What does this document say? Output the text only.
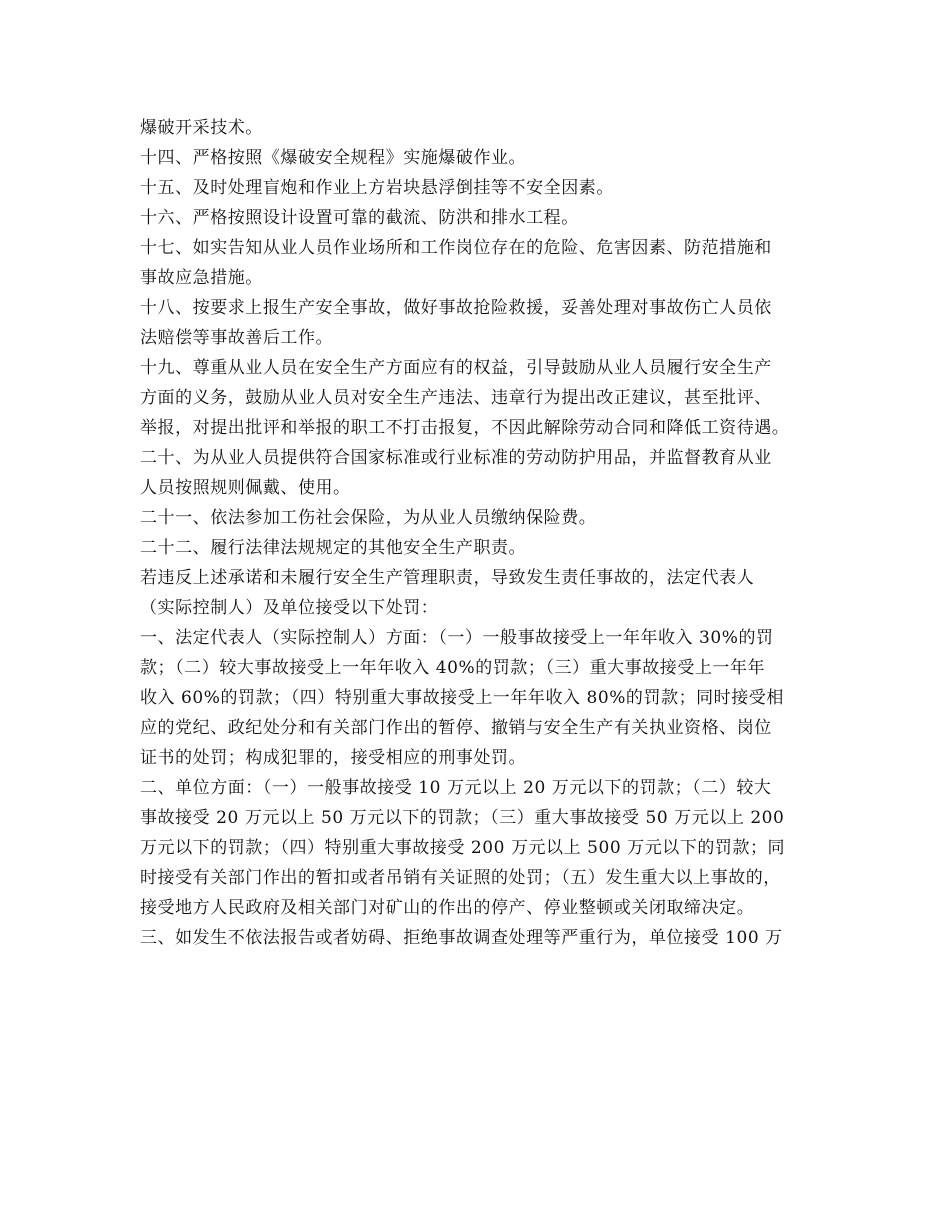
爆破开采技术。
十四、严格按照《爆破安全规程》实施爆破作业。
十五、及时处理盲炮和作业上方岩块悬浮倒挂等不安全因素。
十六、严格按照设计设置可靠的截流、防洪和排水工程。
十七、如实告知从业人员作业场所和工作岗位存在的危险、危害因素、防范措施和
事故应急措施。
十八、按要求上报生产安全事故，做好事故抢险救援，妥善处理对事故伤亡人员依
法赔偿等事故善后工作。
十九、尊重从业人员在安全生产方面应有的权益，引导鼓励从业人员履行安全生产
方面的义务，鼓励从业人员对安全生产违法、违章行为提出改正建议，甚至批评、
举报，对提出批评和举报的职工不打击报复，不因此解除劳动合同和降低工资待遇。
二十、为从业人员提供符合国家标准或行业标准的劳动防护用品，并监督教育从业
人员按照规则佩戴、使用。
二十一、依法参加工伤社会保险，为从业人员缴纳保险费。
二十二、履行法律法规规定的其他安全生产职责。
若违反上述承诺和未履行安全生产管理职责，导致发生责任事故的，法定代表人
（实际控制人）及单位接受以下处罚：
一、法定代表人（实际控制人）方面：（一）一般事故接受上一年年收入 30%的罚
款；（二）较大事故接受上一年年收入 40%的罚款；（三）重大事故接受上一年年
收入 60%的罚款；（四）特别重大事故接受上一年年收入 80%的罚款；同时接受相
应的党纪、政纪处分和有关部门作出的暂停、撤销与安全生产有关执业资格、岗位
证书的处罚；构成犯罪的，接受相应的刑事处罚。
二、单位方面：（一）一般事故接受 10 万元以上 20 万元以下的罚款；（二）较大
事故接受 20 万元以上 50 万元以下的罚款；（三）重大事故接受 50 万元以上 200
万元以下的罚款；（四）特别重大事故接受 200 万元以上 500 万元以下的罚款；同
时接受有关部门作出的暂扣或者吊销有关证照的处罚；（五）发生重大以上事故的，
接受地方人民政府及相关部门对矿山的作出的停产、停业整顿或关闭取缔决定。
三、如发生不依法报告或者妨碍、拒绝事故调查处理等严重行为，单位接受 100 万
